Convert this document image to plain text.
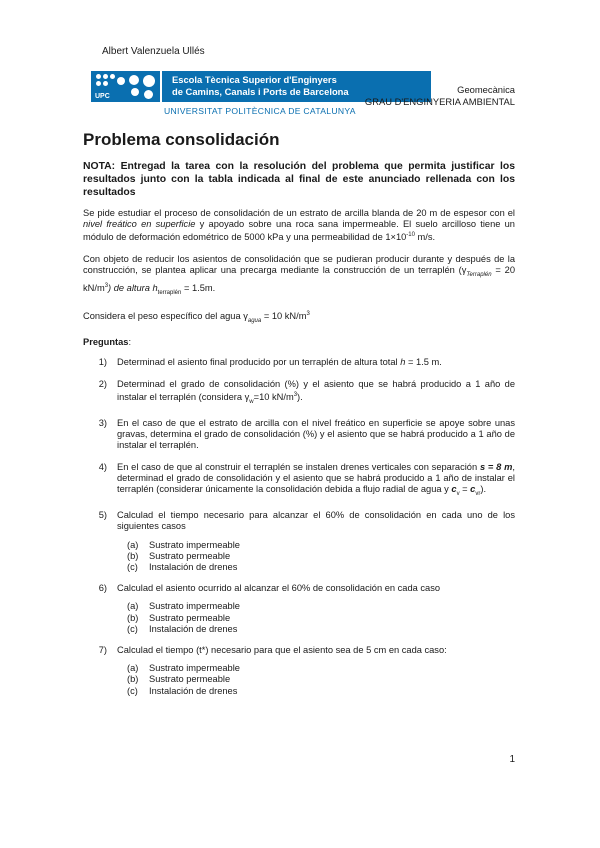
Albert Valenzuela Ullés
UPC
Escola Tècnica Superior d'Enginyers
de Camins, Canals i Ports de Barcelona
UNIVERSITAT POLITÈCNICA DE CATALUNYA
Geomecànica
GRAU D'ENGINYERIA AMBIENTAL
Problema consolidación

NOTA: Entregad la tarea con la resolución del problema que permita justificar los resultados junto con la tabla indicada al final de este anunciado rellenada con los resultados

Se pide estudiar el proceso de consolidación de un estrato de arcilla blanda de 20 m de espesor con el nivel freático en superficie y apoyado sobre una roca sana impermeable. El suelo arcilloso tiene un módulo de deformación edométrico de 5000 kPa y una permeabilidad de $1\times 10^{-10}$ m/s.

Con objeto de reducir los asientos de consolidación que se pudieran producir durante y después de la construcción, se plantea aplicar una precarga mediante la construcción de un terraplén ($\gamma_{Terraplén} = 20$ $kN/m^3$) de altura $h_{terraplén} = 1.5m$.

Considera el peso específico del agua $\gamma_{agua} = 10$ $kN/m^3$

Preguntas:

1)	Determinad el asiento final producido por un terraplén de altura total h = 1.5 m.
2)	Determinad el grado de consolidación (%) y el asiento que se habrá producido a 1 año de instalar el terraplén (considera $\gamma_w=10$ $kN/m^3$).
3)	En el caso de que el estrato de arcilla con el nivel freático en superficie se apoye sobre unas gravas, determina el grado de consolidación (%) y el asiento que se habrá producido a 1 año de instalar el terraplén.
4)	En el caso de que al construir el terraplén se instalen drenes verticales con separación s = 8 m, determinad el grado de consolidación y el asiento que se habrá producido a 1 año de instalar el terraplén (considerar únicamente la consolidación debida a flujo radial de agua y $c_v = c_{vr}$).
5)	Calculad el tiempo necesario para alcanzar el 60% de consolidación en cada uno de los siguientes casos
(a)	Sustrato impermeable
(b)	Sustrato permeable
(c)	Instalación de drenes
6)	Calculad el asiento ocurrido al alcanzar el 60% de consolidación en cada caso
(a)	Sustrato impermeable
(b)	Sustrato permeable
(c)	Instalación de drenes
7)	Calculad el tiempo (t*) necesario para que el asiento sea de 5 cm en cada caso:
(a)	Sustrato impermeable
(b)	Sustrato permeable
(c)	Instalación de drenes
1
